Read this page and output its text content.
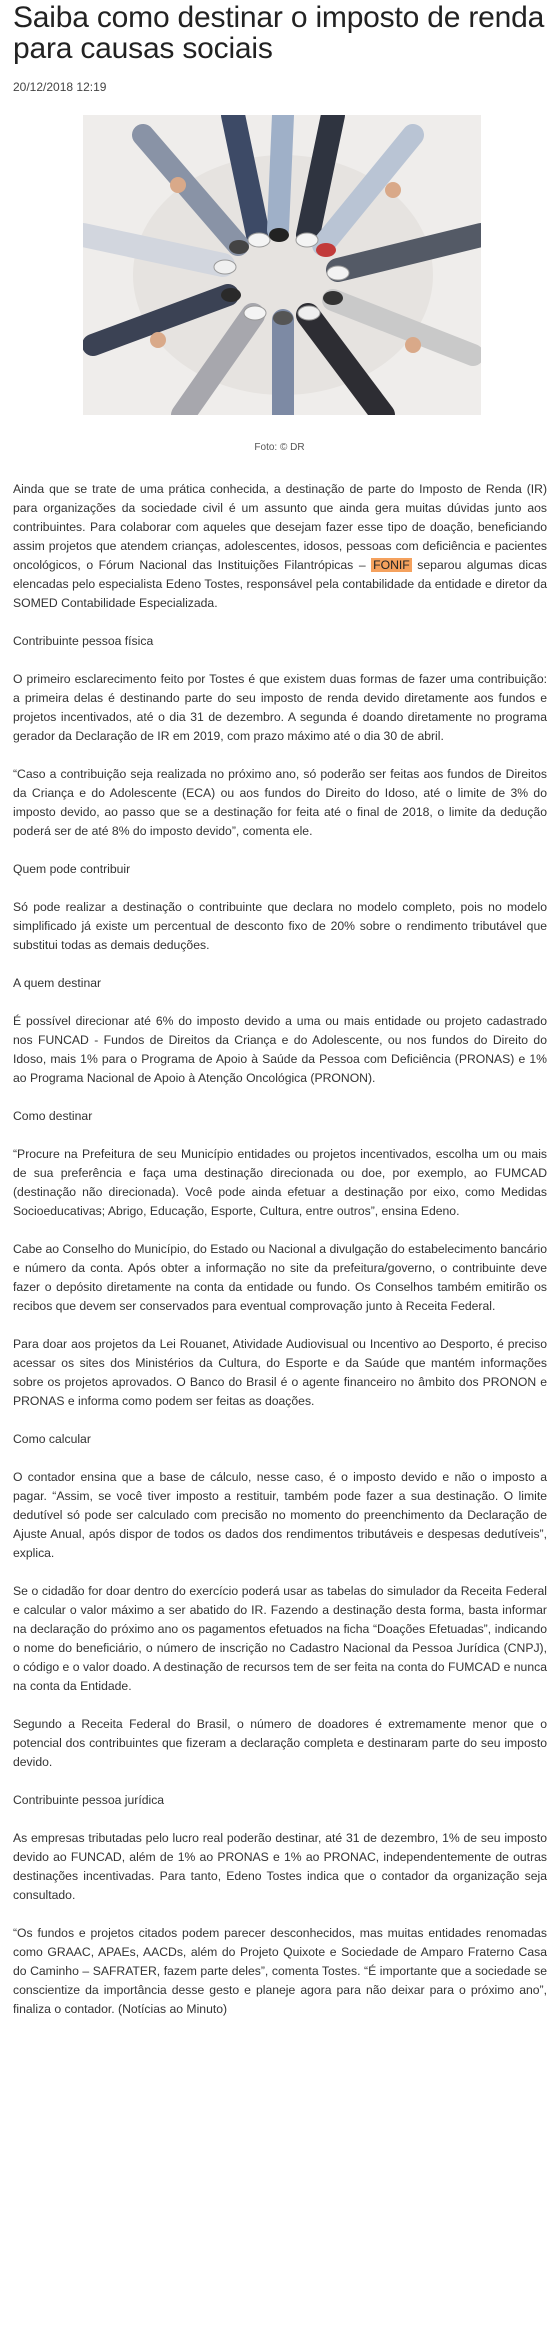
Saiba como destinar o imposto de renda para causas sociais
20/12/2018 12:19
Foto: © DR

Ainda que se trate de uma prática conhecida, a destinação de parte do Imposto de Renda (IR) para organizações da sociedade civil é um assunto que ainda gera muitas dúvidas junto aos contribuintes. Para colaborar com aqueles que desejam fazer esse tipo de doação, beneficiando assim projetos que atendem crianças, adolescentes, idosos, pessoas com deficiência e pacientes oncológicos, o Fórum Nacional das Instituições Filantrópicas – FONIF separou algumas dicas elencadas pelo especialista Edeno Tostes, responsável pela contabilidade da entidade e diretor da SOMED Contabilidade Especializada.

Contribuinte pessoa física

O primeiro esclarecimento feito por Tostes é que existem duas formas de fazer uma contribuição: a primeira delas é destinando parte do seu imposto de renda devido diretamente aos fundos e projetos incentivados, até o dia 31 de dezembro. A segunda é doando diretamente no programa gerador da Declaração de IR em 2019, com prazo máximo até o dia 30 de abril.

“Caso a contribuição seja realizada no próximo ano, só poderão ser feitas aos fundos de Direitos da Criança e do Adolescente (ECA) ou aos fundos do Direito do Idoso, até o limite de 3% do imposto devido, ao passo que se a destinação for feita até o final de 2018, o limite da dedução poderá ser de até 8% do imposto devido”, comenta ele.

Quem pode contribuir

Só pode realizar a destinação o contribuinte que declara no modelo completo, pois no modelo simplificado já existe um percentual de desconto fixo de 20% sobre o rendimento tributável que substitui todas as demais deduções.

A quem destinar

É possível direcionar até 6% do imposto devido a uma ou mais entidade ou projeto cadastrado nos FUNCAD - Fundos de Direitos da Criança e do Adolescente, ou nos fundos do Direito do Idoso, mais 1% para o Programa de Apoio à Saúde da Pessoa com Deficiência (PRONAS) e 1% ao Programa Nacional de Apoio à Atenção Oncológica (PRONON).

Como destinar

“Procure na Prefeitura de seu Município entidades ou projetos incentivados, escolha um ou mais de sua preferência e faça uma destinação direcionada ou doe, por exemplo, ao FUMCAD (destinação não direcionada). Você pode ainda efetuar a destinação por eixo, como Medidas Socioeducativas; Abrigo, Educação, Esporte, Cultura, entre outros”, ensina Edeno.

Cabe ao Conselho do Município, do Estado ou Nacional a divulgação do estabelecimento bancário e número da conta. Após obter a informação no site da prefeitura/governo, o contribuinte deve fazer o depósito diretamente na conta da entidade ou fundo. Os Conselhos também emitirão os recibos que devem ser conservados para eventual comprovação junto à Receita Federal.

Para doar aos projetos da Lei Rouanet, Atividade Audiovisual ou Incentivo ao Desporto, é preciso acessar os sites dos Ministérios da Cultura, do Esporte e da Saúde que mantém informações sobre os projetos aprovados. O Banco do Brasil é o agente financeiro no âmbito dos PRONON e PRONAS e informa como podem ser feitas as doações.

Como calcular

O contador ensina que a base de cálculo, nesse caso, é o imposto devido e não o imposto a pagar. “Assim, se você tiver imposto a restituir, também pode fazer a sua destinação. O limite dedutível só pode ser calculado com precisão no momento do preenchimento da Declaração de Ajuste Anual, após dispor de todos os dados dos rendimentos tributáveis e despesas dedutíveis”, explica.

Se o cidadão for doar dentro do exercício poderá usar as tabelas do simulador da Receita Federal e calcular o valor máximo a ser abatido do IR. Fazendo a destinação desta forma, basta informar na declaração do próximo ano os pagamentos efetuados na ficha “Doações Efetuadas”, indicando o nome do beneficiário, o número de inscrição no Cadastro Nacional da Pessoa Jurídica (CNPJ), o código e o valor doado. A destinação de recursos tem de ser feita na conta do FUMCAD e nunca na conta da Entidade.

Segundo a Receita Federal do Brasil, o número de doadores é extremamente menor que o potencial dos contribuintes que fizeram a declaração completa e destinaram parte do seu imposto devido.

Contribuinte pessoa jurídica

As empresas tributadas pelo lucro real poderão destinar, até 31 de dezembro, 1% de seu imposto devido ao FUNCAD, além de 1% ao PRONAS e 1% ao PRONAC, independentemente de outras destinações incentivadas. Para tanto, Edeno Tostes indica que o contador da organização seja consultado.

“Os fundos e projetos citados podem parecer desconhecidos, mas muitas entidades renomadas como GRAAC, APAEs, AACDs, além do Projeto Quixote e Sociedade de Amparo Fraterno Casa do Caminho – SAFRATER, fazem parte deles”, comenta Tostes. “É importante que a sociedade se conscientize da importância desse gesto e planeje agora para não deixar para o próximo ano”, finaliza o contador. (Notícias ao Minuto)
